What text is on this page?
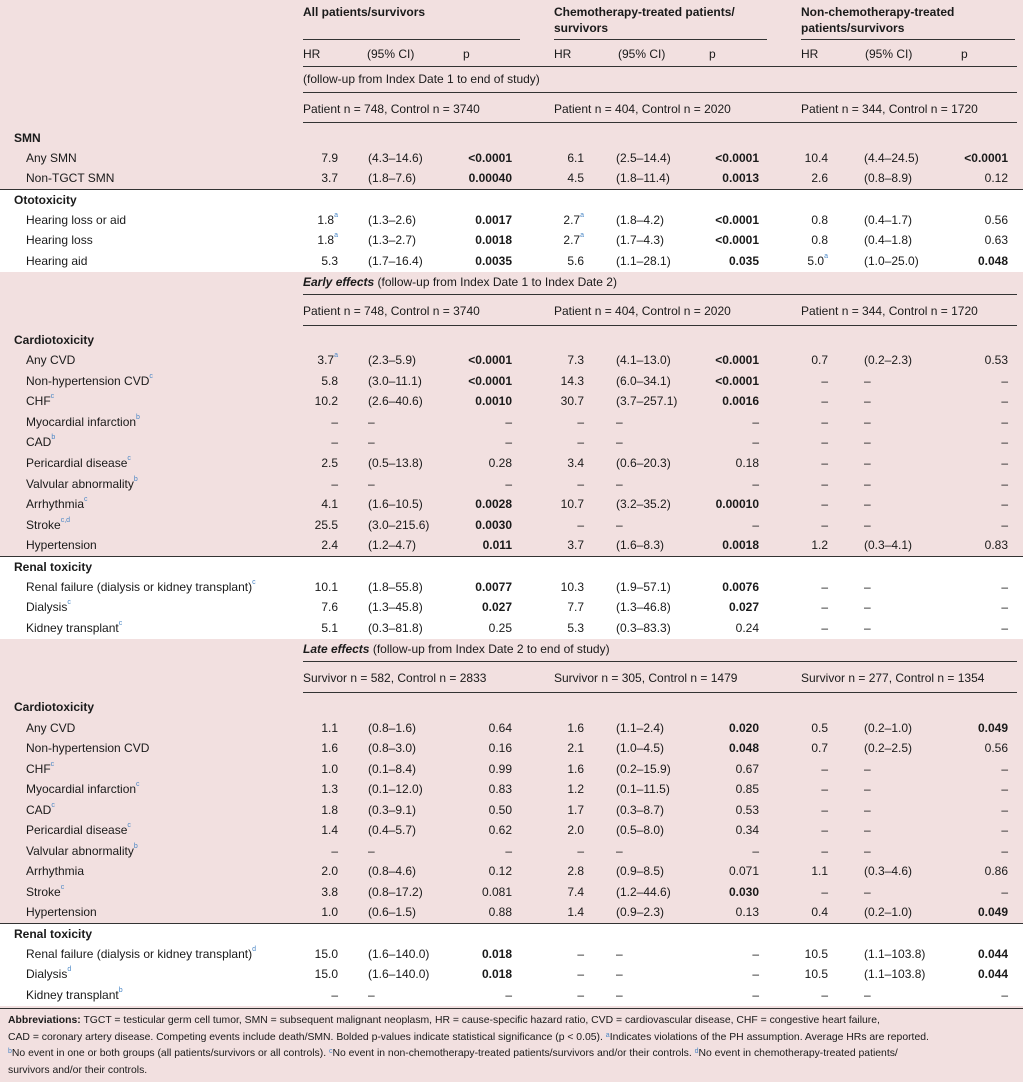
All patients/survivors	Chemotherapy-treated patients/
survivors
Non-chemotherapy-treated
patients/survivors
HR	(95% CI)	p	HR	(95% CI)	p	HR	(95% CI)	p
(follow-up from Index Date 1 to end of study)
Patient n = 748, Control n = 3740	Patient n = 404, Control n = 2020	Patient n = 344, Control n = 1720
SMN
Any SMN	7.9	(4.3–14.6)	<0.0001	6.1	(2.5–14.4)	<0.0001	10.4	(4.4–24.5)	<0.0001
Non-TGCT SMN	3.7	(1.8–7.6)	0.00040	4.5	(1.8–11.4)	0.0013	2.6	(0.8–8.9)	0.12
Ototoxicity
Hearing loss or aid	1.8$^a$	(1.3–2.6)	0.0017	2.7$^a$	(1.8–4.2)	<0.0001	0.8	(0.4–1.7)	0.56
Hearing loss	1.8$^a$	(1.3–2.7)	0.0018	2.7$^a$	(1.7–4.3)	<0.0001	0.8	(0.4–1.8)	0.63
Hearing aid	5.3	(1.7–16.4)	0.0035	5.6	(1.1–28.1)	0.035	5.0$^a$	(1.0–25.0)	0.048
Early effects (follow-up from Index Date 1 to Index Date 2)
Patient n = 748, Control n = 3740	Patient n = 404, Control n = 2020	Patient n = 344, Control n = 1720
Cardiotoxicity
Any CVD	3.7$^a$	(2.3–5.9)	<0.0001	7.3	(4.1–13.0)	<0.0001	0.7	(0.2–2.3)	0.53
Non-hypertension CVD$^c$	5.8	(3.0–11.1)	<0.0001	14.3	(6.0–34.1)	<0.0001	–	–	–
CHF$^c$	10.2	(2.6–40.6)	0.0010	30.7	(3.7–257.1)	0.0016	–	–	–
Myocardial infarction$^b$	–	–	–	–	–	–	–	–	–
CAD$^b$	–	–	–	–	–	–	–	–	–
Pericardial disease$^c$	2.5	(0.5–13.8)	0.28	3.4	(0.6–20.3)	0.18	–	–	–
Valvular abnormality$^b$	–	–	–	–	–	–	–	–	–
Arrhythmia$^c$	4.1	(1.6–10.5)	0.0028	10.7	(3.2–35.2)	0.00010	–	–	–
Stroke$^{c,d}$	25.5	(3.0–215.6)	0.0030	–	–	–	–	–	–
Hypertension	2.4	(1.2–4.7)	0.011	3.7	(1.6–8.3)	0.0018	1.2	(0.3–4.1)	0.83
Renal toxicity
Renal failure (dialysis or kidney transplant)$^c$	10.1	(1.8–55.8)	0.0077	10.3	(1.9–57.1)	0.0076	–	–	–
Dialysis$^c$	7.6	(1.3–45.8)	0.027	7.7	(1.3–46.8)	0.027	–	–	–
Kidney transplant$^c$	5.1	(0.3–81.8)	0.25	5.3	(0.3–83.3)	0.24	–	–	–
Late effects (follow-up from Index Date 2 to end of study)
Survivor n = 582, Control n = 2833	Survivor n = 305, Control n = 1479	Survivor n = 277, Control n = 1354
Cardiotoxicity
Any CVD	1.1	(0.8–1.6)	0.64	1.6	(1.1–2.4)	0.020	0.5	(0.2–1.0)	0.049
Non-hypertension CVD	1.6	(0.8–3.0)	0.16	2.1	(1.0–4.5)	0.048	0.7	(0.2–2.5)	0.56
CHF$^c$	1.0	(0.1–8.4)	0.99	1.6	(0.2–15.9)	0.67	–	–	–
Myocardial infarction$^c$	1.3	(0.1–12.0)	0.83	1.2	(0.1–11.5)	0.85	–	–	–
CAD$^c$	1.8	(0.3–9.1)	0.50	1.7	(0.3–8.7)	0.53	–	–	–
Pericardial disease$^c$	1.4	(0.4–5.7)	0.62	2.0	(0.5–8.0)	0.34	–	–	–
Valvular abnormality$^b$	–	–	–	–	–	–	–	–	–
Arrhythmia	2.0	(0.8–4.6)	0.12	2.8	(0.9–8.5)	0.071	1.1	(0.3–4.6)	0.86
Stroke$^c$	3.8	(0.8–17.2)	0.081	7.4	(1.2–44.6)	0.030	–	–	–
Hypertension	1.0	(0.6–1.5)	0.88	1.4	(0.9–2.3)	0.13	0.4	(0.2–1.0)	0.049
Renal toxicity
Renal failure (dialysis or kidney transplant)$^d$	15.0	(1.6–140.0)	0.018	–	–	–	10.5	(1.1–103.8)	0.044
Dialysis$^d$	15.0	(1.6–140.0)	0.018	–	–	–	10.5	(1.1–103.8)	0.044
Kidney transplant$^b$	–	–	–	–	–	–	–	–	–
Abbreviations: TGCT = testicular germ cell tumor, SMN = subsequent malignant neoplasm, HR = cause-specific hazard ratio, CVD = cardiovascular disease, CHF = congestive heart failure,
CAD = coronary artery disease. Competing events include death/SMN. Bolded p-values indicate statistical significance (p < 0.05). $^a$Indicates violations of the PH assumption. Average HRs are reported.
$^b$No event in one or both groups (all patients/survivors or all controls). $^c$No event in non-chemotherapy-treated patients/survivors and/or their controls. $^d$No event in chemotherapy-treated patients/
survivors and/or their controls.
